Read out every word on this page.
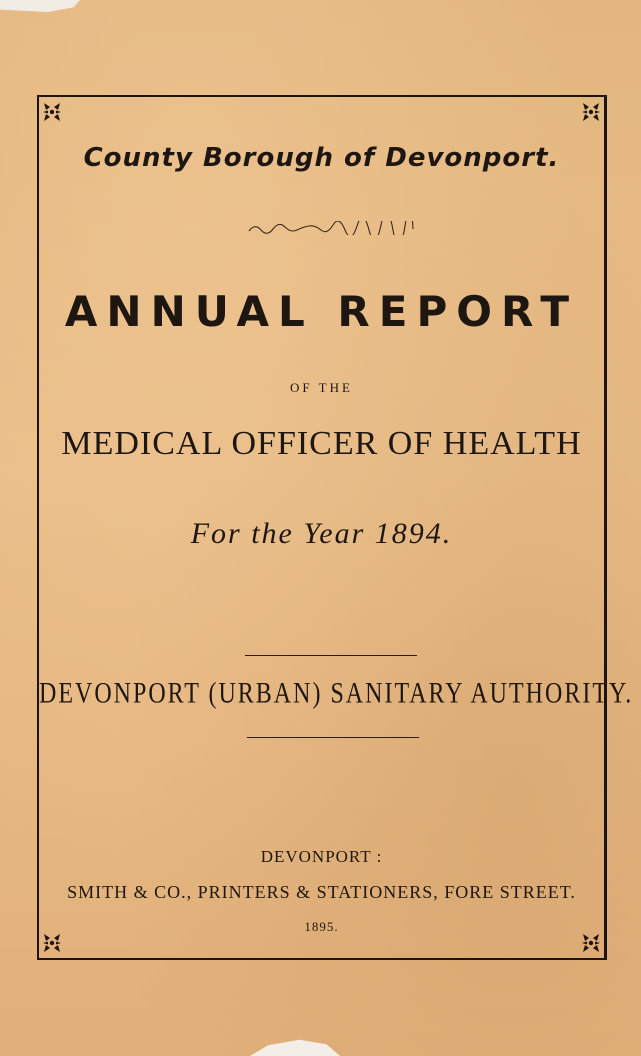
County Borough of Devonport.
ANNUAL REPORT
OF THE
MEDICAL OFFICER OF HEALTH
For the Year 1894.
DEVONPORT (URBAN) SANITARY AUTHORITY.
DEVONPORT :
SMITH & CO., PRINTERS & STATIONERS, FORE STREET.
1895.
